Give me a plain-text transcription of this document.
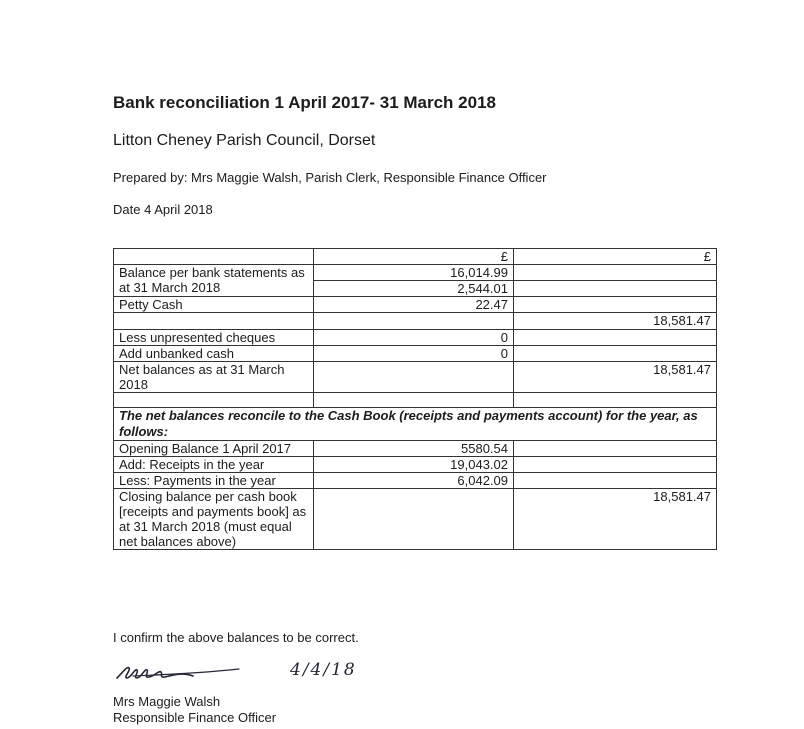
Bank reconciliation 1 April 2017- 31 March 2018

Litton Cheney Parish Council, Dorset

Prepared by: Mrs Maggie Walsh, Parish Clerk, Responsible Finance Officer

Date 4 April 2018

	£	£
Balance per bank statements as at 31 March 2018	16,014.99	
	2,544.01	
Petty Cash	22.47	
		18,581.47
Less unpresented cheques	0	
Add unbanked cash	0	
Net balances as at 31 March 2018		18,581.47

The net balances reconcile to the Cash Book (receipts and payments account) for the year, as follows:		
Opening Balance 1 April 2017	5580.54	
Add: Receipts in the year	19,043.02	
Less: Payments in the year	6,042.09	
Closing balance per cash book [receipts and payments book] as at 31 March 2018 (must equal net balances above)		18,581.47

I confirm the above balances to be correct.

4/4/18

Mrs Maggie Walsh

Responsible Finance Officer
